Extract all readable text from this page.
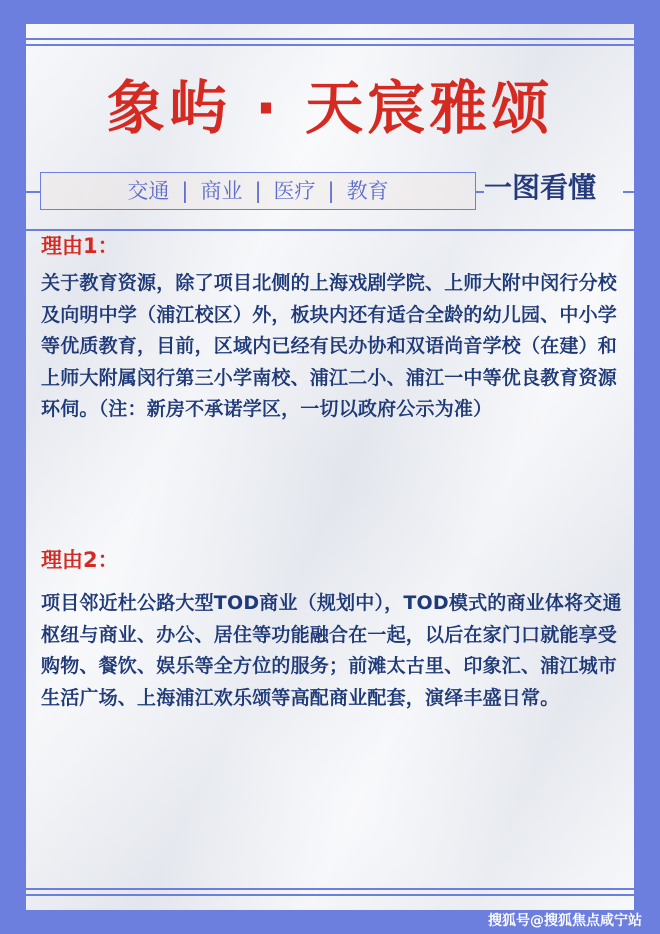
象屿 · 天宸雅颂
交通 | 商业 | 医疗 | 教育	一图看懂
理由1：
关于教育资源，除了项目北侧的上海戏剧学院、上师大附中闵行分校及向明中学（浦江校区）外，板块内还有适合全龄的幼儿园、中小学等优质教育，目前，区域内已经有民办协和双语尚音学校（在建）和上师大附属闵行第三小学南校、浦江二小、浦江一中等优良教育资源环伺。（注：新房不承诺学区，一切以政府公示为准）
理由2：
项目邻近杜公路大型TOD商业（规划中），TOD模式的商业体将交通枢纽与商业、办公、居住等功能融合在一起，以后在家门口就能享受购物、餐饮、娱乐等全方位的服务；前滩太古里、印象汇、浦江城市生活广场、上海浦江欢乐颂等高配商业配套，演绎丰盛日常。
搜狐号@搜狐焦点咸宁站
